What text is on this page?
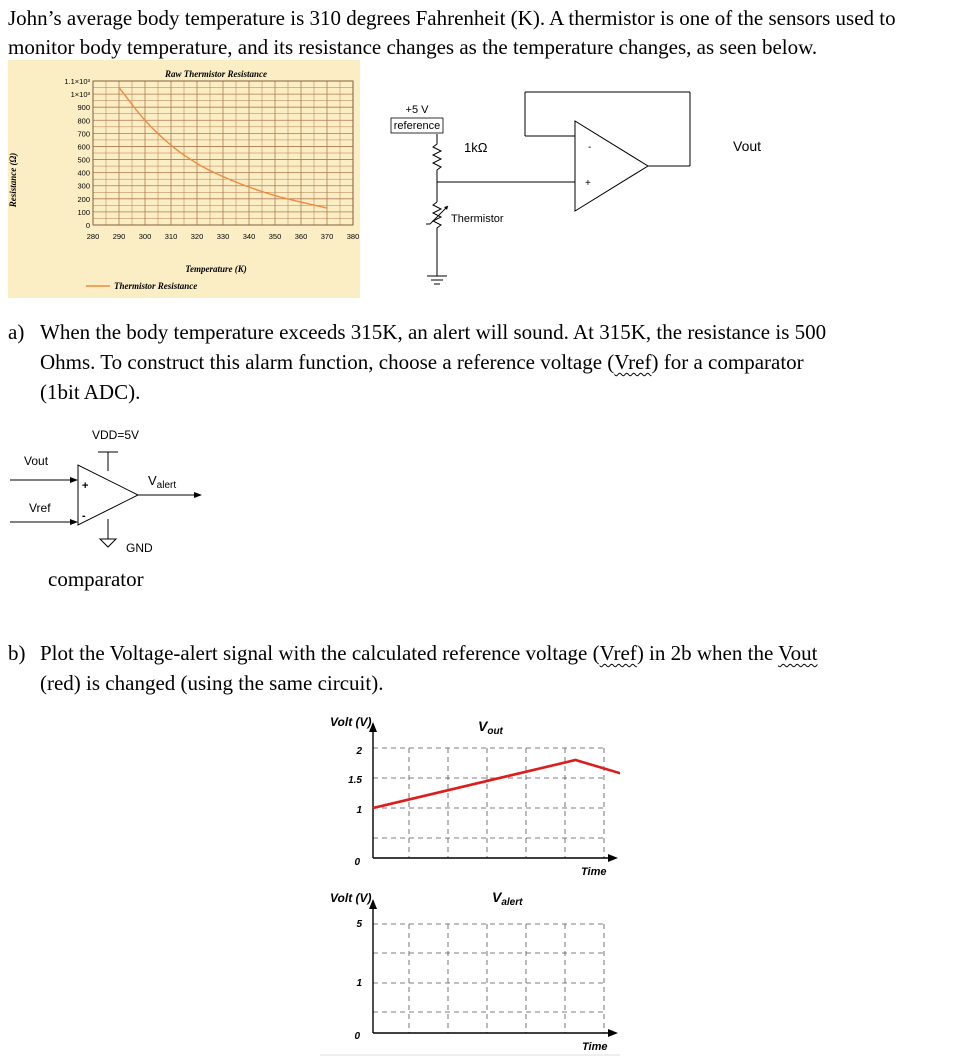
John’s average body temperature is 310 degrees Fahrenheit (K). A thermistor is one of the sensors used to monitor body temperature, and its resistance changes as the temperature changes, as seen below.
Raw Thermistor Resistance
Resistance (Ω)
0
100
200
300
400
500
600
700
800
900
1×10³
1.1×10³
280 290 300 310 320 330 340 350 360 370 380
Temperature (K)
Thermistor Resistance
+5 V
reference
1kΩ
Thermistor
-
+
Vout
a) When the body temperature exceeds 315K, an alert will sound. At 315K, the resistance is 500
Ohms. To construct this alarm function, choose a reference voltage (Vref) for a comparator
(1bit ADC).
VDD=5V
+
-
Vout
Vref
$V_{alert}$
GND
comparator
b) Plot the Voltage-alert signal with the calculated reference voltage (Vref) in 2b when the Vout
(red) is changed (using the same circuit).
Volt (V)	$V_{out}$
2
1.5
1
0
Time
Volt (V)	$V_{alert}$
5
1
0
Time
